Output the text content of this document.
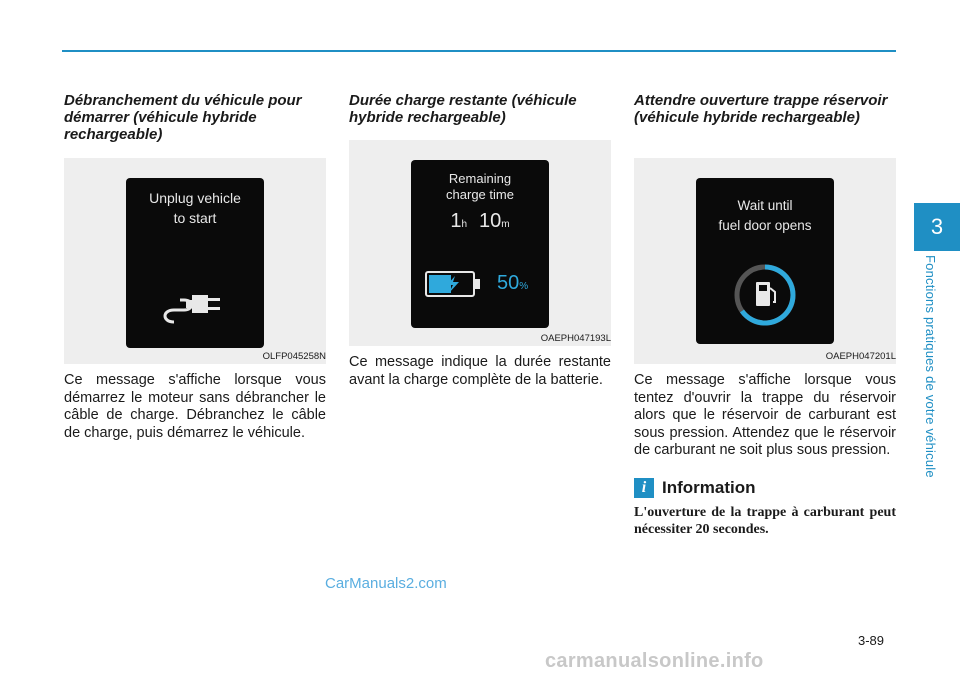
Débranchement du véhicule pour démarrer (véhicule hybride rechargeable)

Unplug vehicle
to start
OLFP045258N
Ce message s'affiche lorsque vous démarrez le moteur sans débrancher le câble de charge. Débranchez le câble de charge, puis démarrez le véhicule.

Durée charge restante (véhicule hybride rechargeable)

Remaining
charge time
1h 10m
50%
OAEPH047193L
Ce message indique la durée restante avant la charge complète de la batterie.

Attendre ouverture trappe réservoir (véhicule hybride rechargeable)

Wait until
fuel door opens
OAEPH047201L
Ce message s'affiche lorsque vous tentez d'ouvrir la trappe du réservoir alors que le réservoir de carburant est sous pression. Attendez que le réservoir de carburant ne soit plus sous pression.
i Information
L'ouverture de la trappe à carburant peut nécessiter 20 secondes.
3
Fonctions pratiques de votre véhicule
CarManuals2.com
3-89
carmanualsonline.info
